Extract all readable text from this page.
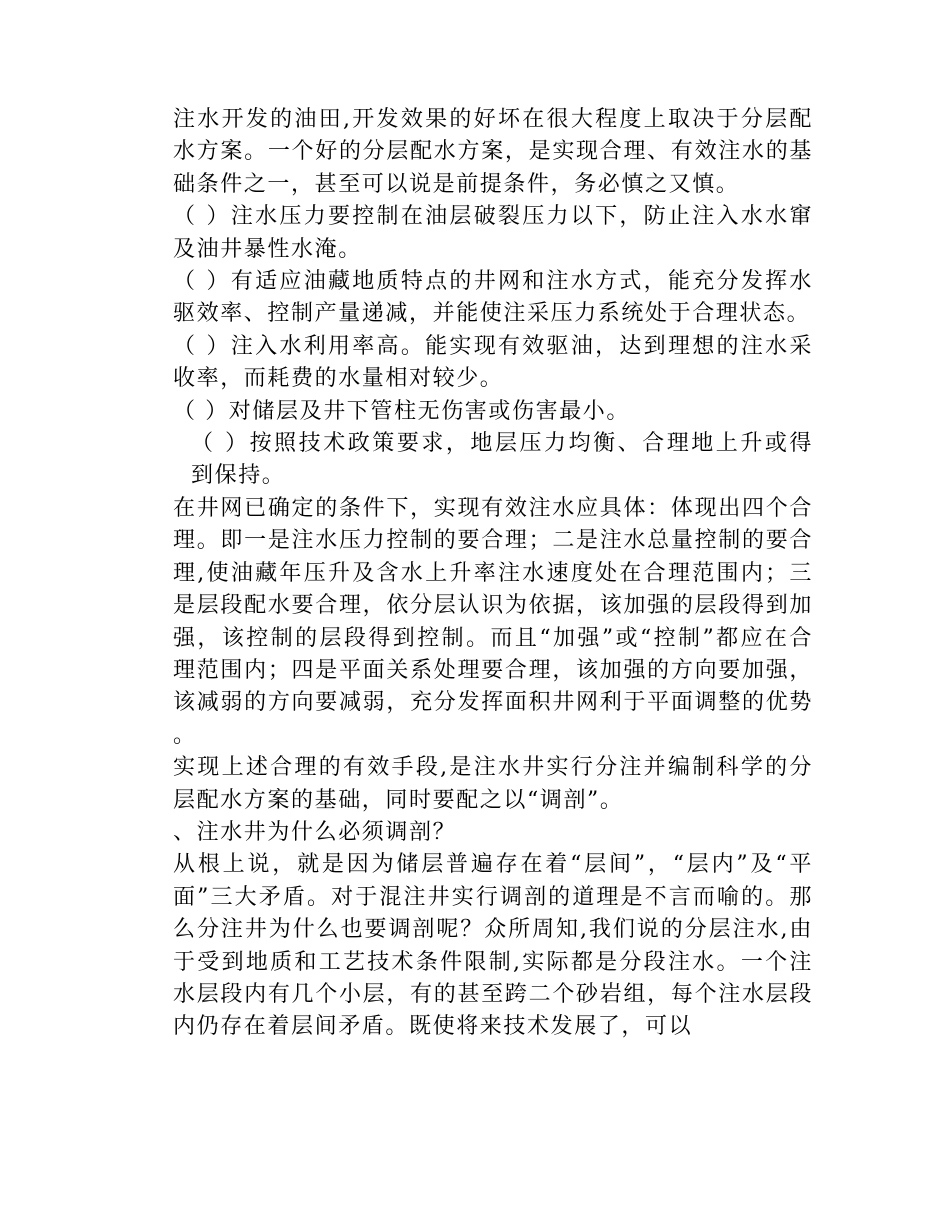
注水开发的油田,开发效果的好坏在很大程度上取决于分层配水方案。一个好的分层配水方案，是实现合理、有效注水的基础条件之一，甚至可以说是前提条件，务必慎之又慎。

（ ）注水压力要控制在油层破裂压力以下，防止注入水水窜及油井暴性水淹。

（ ）有适应油藏地质特点的井网和注水方式，能充分发挥水驱效率、控制产量递减，并能使注采压力系统处于合理状态。

（ ）注入水利用率高。能实现有效驱油，达到理想的注水采收率，而耗费的水量相对较少。

（ ）对储层及井下管柱无伤害或伤害最小。

（ ）按照技术政策要求，地层压力均衡、合理地上升或得到保持。

在井网已确定的条件下，实现有效注水应具体：体现出四个合理。即一是注水压力控制的要合理；二是注水总量控制的要合理,使油藏年压升及含水上升率注水速度处在合理范围内；三是层段配水要合理，依分层认识为依据，该加强的层段得到加强，该控制的层段得到控制。而且“加强”或“控制”都应在合理范围内；四是平面关系处理要合理，该加强的方向要加强，该减弱的方向要减弱，充分发挥面积井网利于平面调整的优势 。

实现上述合理的有效手段,是注水井实行分注并编制科学的分层配水方案的基础，同时要配之以“调剖”。

、注水井为什么必须调剖？

从根上说，就是因为储层普遍存在着“层间”，“层内”及“平面”三大矛盾。对于混注井实行调剖的道理是不言而喻的。那么分注井为什么也要调剖呢？众所周知,我们说的分层注水,由于受到地质和工艺技术条件限制,实际都是分段注水。一个注水层段内有几个小层，有的甚至跨二个砂岩组，每个注水层段内仍存在着层间矛盾。既使将来技术发展了，可以
